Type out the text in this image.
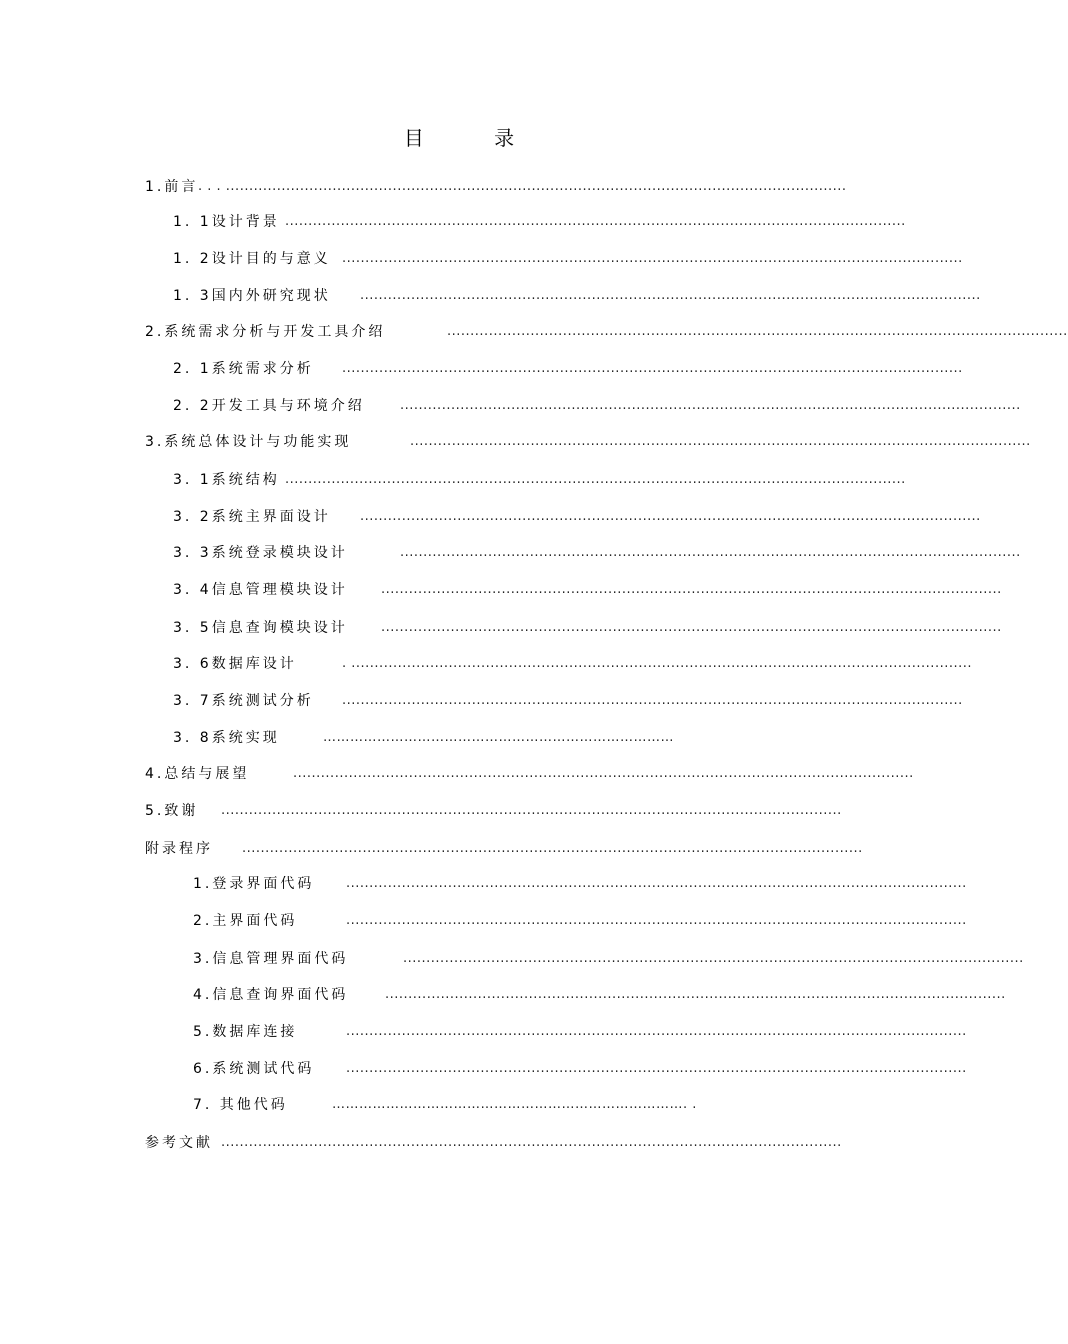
目 录
1.前言 . . . ......................................................................................................................................
1. 1设计背景 ......................................................................................................................................
1. 2设计目的与意义 ......................................................................................................................................
1. 3国内外研究现状 ......................................................................................................................................
2.系统需求分析与开发工具介绍	......................................................................................................................................
2. 1系统需求分析 ......................................................................................................................................
2. 2开发工具与环境介绍	......................................................................................................................................
3.系统总体设计与功能实现	......................................................................................................................................
3. 1系统结构 ......................................................................................................................................
3. 2系统主界面设计 ......................................................................................................................................
3. 3系统登录模块设计	......................................................................................................................................
3. 4信息管理模块设计	......................................................................................................................................
3. 5信息查询模块设计	......................................................................................................................................
3. 6数据库设计	. ......................................................................................................................................
3. 7系统测试分析 ......................................................................................................................................
3. 8系统实现	……………………………………………………………………
4.总结与展望	......................................................................................................................................
5.致谢 ......................................................................................................................................
附录程序 ......................................................................................................................................
1.登录界面代码 ......................................................................................................................................
2.主界面代码	......................................................................................................................................
3.信息管理界面代码	......................................................................................................................................
4.信息查询界面代码	......................................................................................................................................
5.数据库连接	......................................................................................................................................
6.系统测试代码 ......................................................................................................................................
7. 其他代码	……………………………………………………………………. .
参考文献 ......................................................................................................................................
